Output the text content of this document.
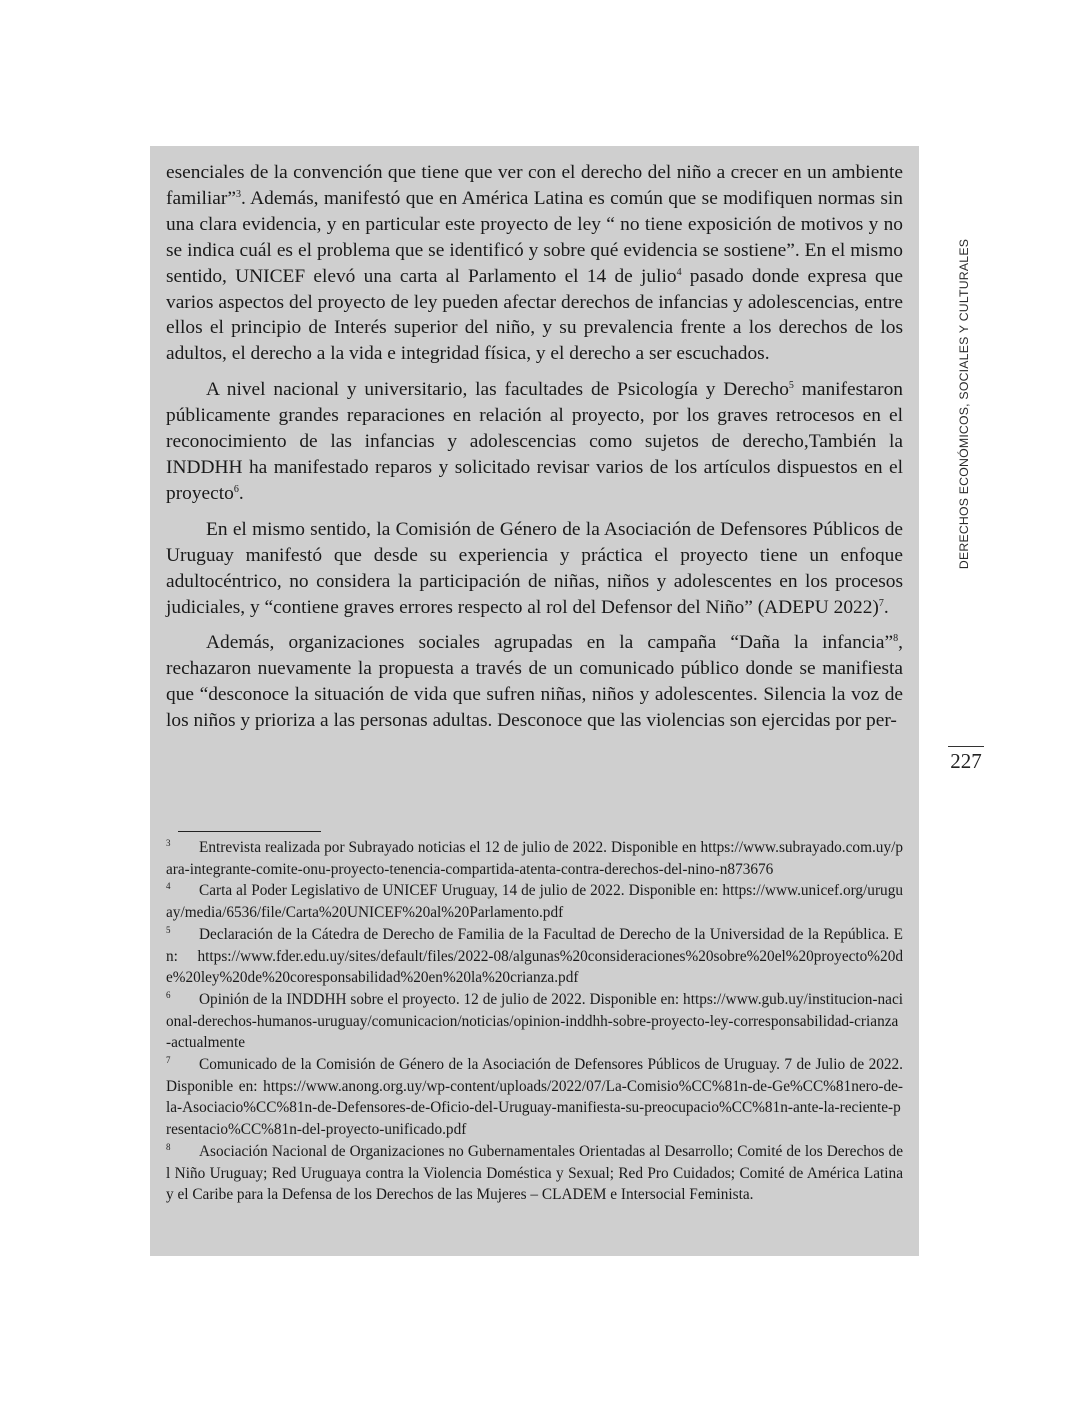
esenciales de la convención que tiene que ver con el derecho del niño a crecer en un ambiente familiar”$^3$. Además, manifestó que en América Latina es común que se modifiquen normas sin una clara evidencia, y en particular este proyecto de ley “ no tiene exposición de motivos y no se indica cuál es el problema que se identificó y sobre qué evidencia se sostiene”. En el mismo sentido, UNICEF elevó una carta al Parlamento el 14 de julio$^4$ pasado donde expresa que varios aspectos del proyecto de ley pueden afectar derechos de infancias y adolescencias, entre ellos el principio de Interés superior del niño, y su prevalencia frente a los derechos de los adultos, el derecho a la vida e integridad física, y el derecho a ser escuchados.

A nivel nacional y universitario, las facultades de Psicología y Derecho$^5$ manifestaron públicamente grandes reparaciones en relación al proyecto, por los graves retrocesos en el reconocimiento de las infancias y adolescencias como sujetos de derecho,También la INDDHH ha manifestado reparos y solicitado revisar varios de los artículos dispuestos en el proyecto$^6$.

En el mismo sentido, la Comisión de Género de la Asociación de Defensores Públicos de Uruguay manifestó que desde su experiencia y práctica el proyecto tiene un enfoque adultocéntrico, no considera la participación de niñas, niños y adolescentes en los procesos judiciales, y “contiene graves errores respecto al rol del Defensor del Niño” (ADEPU 2022)$^7$.

Además, organizaciones sociales agrupadas en la campaña “Daña la infancia”$^8$, rechazaron nuevamente la propuesta a través de un comunicado público donde se manifiesta que “desconoce la situación de vida que sufren niñas, niños y adolescentes. Silencia la voz de los niños y prioriza a las personas adultas. Desconoce que las violencias son ejercidas por per-

3 Entrevista realizada por Subrayado noticias el 12 de julio de 2022. Disponible en https://www.subrayado.com.uy/para-integrante-comite-onu-proyecto-tenencia-compartida-atenta-contra-derechos-del-nino-n873676

4 Carta al Poder Legislativo de UNICEF Uruguay, 14 de julio de 2022. Disponible en: https://www.unicef.org/uruguay/media/6536/file/Carta%20UNICEF%20al%20Parlamento.pdf

5 Declaración de la Cátedra de Derecho de Familia de la Facultad de Derecho de la Universidad de la República. En: https://www.fder.edu.uy/sites/default/files/2022-08/algunas%20consideraciones%20sobre%20el%20proyecto%20de%20ley%20de%20coresponsabilidad%20en%20la%20crianza.pdf

6 Opinión de la INDDHH sobre el proyecto. 12 de julio de 2022. Disponible en: https://www.gub.uy/institucion-nacional-derechos-humanos-uruguay/comunicacion/noticias/opinion-inddhh-sobre-proyecto-ley-corresponsabilidad-crianza-actualmente

7 Comunicado de la Comisión de Género de la Asociación de Defensores Públicos de Uruguay. 7 de Julio de 2022. Disponible en: https://www.anong.org.uy/wp-content/uploads/2022/07/La-Comisio%CC%81n-de-Ge%CC%81nero-de-la-Asociacio%CC%81n-de-Defensores-de-Oficio-del-Uruguay-manifiesta-su-preocupacio%CC%81n-ante-la-reciente-presentacio%CC%81n-del-proyecto-unificado.pdf

8 Asociación Nacional de Organizaciones no Gubernamentales Orientadas al Desarrollo; Comité de los Derechos del Niño Uruguay; Red Uruguaya contra la Violencia Doméstica y Sexual; Red Pro Cuidados; Comité de América Latina y el Caribe para la Defensa de los Derechos de las Mujeres – CLADEM e Intersocial Feminista.

DERECHOS ECONÓMICOS, SOCIALES Y CULTURALES
227
